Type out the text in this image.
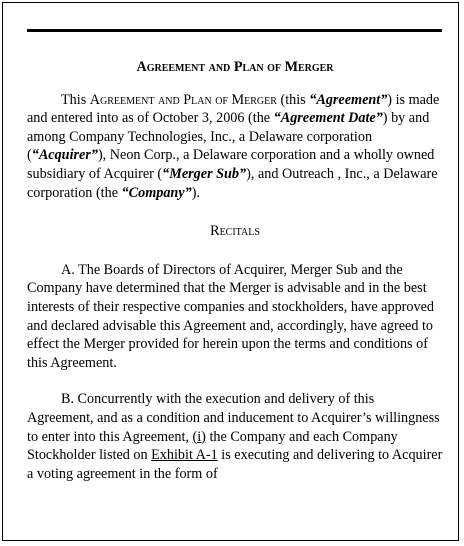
Agreement and Plan of Merger

This Agreement and Plan of Merger (this “Agreement”) is made and entered into as of October 3, 2006 (the “Agreement Date”) by and among Company Technologies, Inc., a Delaware corporation (“Acquirer”), Neon Corp., a Delaware corporation and a wholly owned subsidiary of Acquirer (“Merger Sub”), and Outreach , Inc., a Delaware corporation (the “Company”).

Recitals

A. The Boards of Directors of Acquirer, Merger Sub and the Company have determined that the Merger is advisable and in the best interests of their respective companies and stockholders, have approved and declared advisable this Agreement and, accordingly, have agreed to effect the Merger provided for herein upon the terms and conditions of this Agreement.

B. Concurrently with the execution and delivery of this Agreement, and as a condition and inducement to Acquirer’s willingness to enter into this Agreement, (i) the Company and each Company Stockholder listed on Exhibit A-1 is executing and delivering to Acquirer a voting agreement in the form of
